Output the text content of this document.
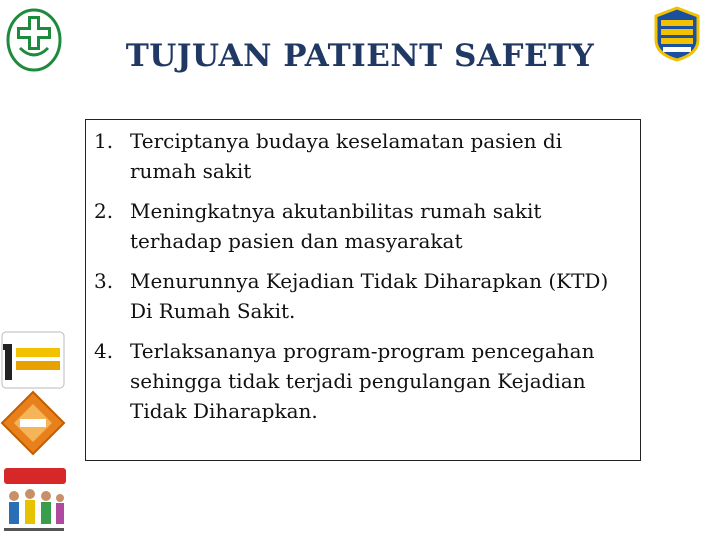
TUJUAN PATIENT SAFETY
1. Terciptanya budaya keselamatan pasien di rumah sakit
2. Meningkatnya akutanbilitas rumah sakit terhadap pasien dan masyarakat
3. Menurunnya Kejadian Tidak Diharapkan (KTD) Di Rumah Sakit.
4. Terlaksananya program-program pencegahan sehingga tidak terjadi pengulangan Kejadian Tidak Diharapkan.
